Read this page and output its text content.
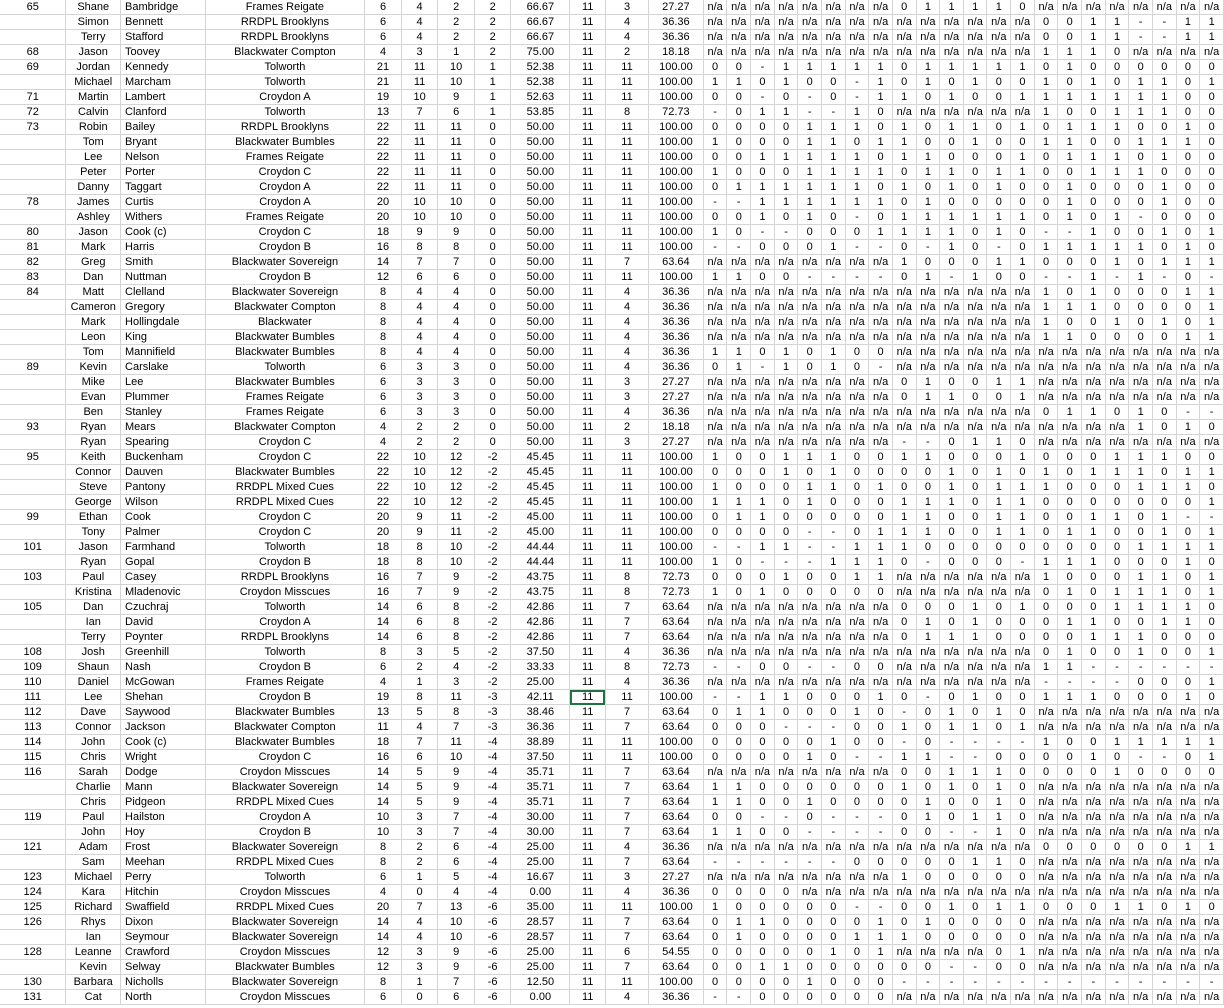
65	Shane	Bambridge	Frames Reigate	6	4	2	2	66.67	11	3	27.27	n/a	n/a	n/a	n/a	n/a	n/a	n/a	n/a	0	1	1	1	1	0	n/a	n/a	n/a	n/a	n/a	n/a	n/a	n/a
	Simon	Bennett	RRDPL Brooklyns	6	4	2	2	66.67	11	4	36.36	n/a	n/a	n/a	n/a	n/a	n/a	n/a	n/a	n/a	n/a	n/a	n/a	n/a	n/a	0	0	1	1	-	-	1	1
	Terry	Stafford	RRDPL Brooklyns	6	4	2	2	66.67	11	4	36.36	n/a	n/a	n/a	n/a	n/a	n/a	n/a	n/a	n/a	n/a	n/a	n/a	n/a	n/a	0	0	1	1	-	-	1	1
68	Jason	Toovey	Blackwater Compton	4	3	1	2	75.00	11	2	18.18	n/a	n/a	n/a	n/a	n/a	n/a	n/a	n/a	n/a	n/a	n/a	n/a	n/a	n/a	1	1	1	0	n/a	n/a	n/a	n/a
69	Jordan	Kennedy	Tolworth	21	11	10	1	52.38	11	11	100.00	0	0	-	1	1	1	1	1	0	1	1	1	1	1	0	1	0	0	0	0	0	0
	Michael	Marcham	Tolworth	21	11	10	1	52.38	11	11	100.00	1	1	0	1	0	0	-	1	0	1	0	1	0	0	1	0	1	0	1	1	0	1
71	Martin	Lambert	Croydon A	19	10	9	1	52.63	11	11	100.00	0	0	-	0	-	0	-	1	1	0	1	0	0	1	1	1	1	1	1	1	0	0
72	Calvin	Clanford	Tolworth	13	7	6	1	53.85	11	8	72.73	-	0	1	1	-	-	1	0	n/a	n/a	n/a	n/a	n/a	n/a	1	0	0	1	1	1	0	0
73	Robin	Bailey	RRDPL Brooklyns	22	11	11	0	50.00	11	11	100.00	0	0	0	0	1	1	1	0	1	0	1	1	0	1	0	1	1	1	0	0	1	0
	Tom	Bryant	Blackwater Bumbles	22	11	11	0	50.00	11	11	100.00	1	0	0	0	1	1	0	1	1	0	0	1	0	0	1	1	0	0	1	1	1	0
	Lee	Nelson	Frames Reigate	22	11	11	0	50.00	11	11	100.00	0	0	1	1	1	1	1	0	1	1	0	0	0	1	0	1	1	1	0	1	0	0
	Peter	Porter	Croydon C	22	11	11	0	50.00	11	11	100.00	1	0	0	0	1	1	1	1	0	1	1	0	1	1	0	0	1	1	1	0	0	0
	Danny	Taggart	Croydon A	22	11	11	0	50.00	11	11	100.00	0	1	1	1	1	1	1	0	1	0	1	0	1	0	0	1	0	0	0	1	0	0
78	James	Curtis	Croydon A	20	10	10	0	50.00	11	11	100.00	-	-	1	1	1	1	1	1	0	1	0	0	0	0	0	1	0	0	0	1	0	0
	Ashley	Withers	Frames Reigate	20	10	10	0	50.00	11	11	100.00	0	0	1	0	1	0	-	0	1	1	1	1	1	1	0	1	0	1	-	0	0	0
80	Jason	Cook (c)	Croydon C	18	9	9	0	50.00	11	11	100.00	1	0	-	-	0	0	0	1	1	1	1	0	1	0	-	-	1	0	0	1	0	1
81	Mark	Harris	Croydon B	16	8	8	0	50.00	11	11	100.00	-	-	0	0	0	1	-	-	0	-	1	0	-	0	1	1	1	1	1	0	1	0
82	Greg	Smith	Blackwater Sovereign	14	7	7	0	50.00	11	7	63.64	n/a	n/a	n/a	n/a	n/a	n/a	n/a	n/a	1	0	0	0	1	1	0	0	0	1	0	1	1	1
83	Dan	Nuttman	Croydon B	12	6	6	0	50.00	11	11	100.00	1	1	0	0	-	-	-	-	0	1	-	1	0	0	-	-	1	-	1	-	0	-
84	Matt	Clelland	Blackwater Sovereign	8	4	4	0	50.00	11	4	36.36	n/a	n/a	n/a	n/a	n/a	n/a	n/a	n/a	n/a	n/a	n/a	n/a	n/a	n/a	1	0	1	0	0	0	1	1
	Cameron	Gregory	Blackwater Compton	8	4	4	0	50.00	11	4	36.36	n/a	n/a	n/a	n/a	n/a	n/a	n/a	n/a	n/a	n/a	n/a	n/a	n/a	n/a	1	1	1	0	0	0	0	1
	Mark	Hollingdale	Blackwater	8	4	4	0	50.00	11	4	36.36	n/a	n/a	n/a	n/a	n/a	n/a	n/a	n/a	n/a	n/a	n/a	n/a	n/a	n/a	1	0	0	1	0	1	0	1
	Leon	King	Blackwater Bumbles	8	4	4	0	50.00	11	4	36.36	n/a	n/a	n/a	n/a	n/a	n/a	n/a	n/a	n/a	n/a	n/a	n/a	n/a	n/a	1	1	0	0	0	0	1	1
	Tom	Mannifield	Blackwater Bumbles	8	4	4	0	50.00	11	4	36.36	1	1	0	1	0	1	0	0	n/a	n/a	n/a	n/a	n/a	n/a	n/a	n/a	n/a	n/a	n/a	n/a	n/a	n/a
89	Kevin	Carslake	Tolworth	6	3	3	0	50.00	11	4	36.36	0	1	-	1	0	1	0	-	n/a	n/a	n/a	n/a	n/a	n/a	n/a	n/a	n/a	n/a	n/a	n/a	n/a	n/a
	Mike	Lee	Blackwater Bumbles	6	3	3	0	50.00	11	3	27.27	n/a	n/a	n/a	n/a	n/a	n/a	n/a	n/a	0	1	0	0	1	1	n/a	n/a	n/a	n/a	n/a	n/a	n/a	n/a
	Evan	Plummer	Frames Reigate	6	3	3	0	50.00	11	3	27.27	n/a	n/a	n/a	n/a	n/a	n/a	n/a	n/a	0	1	1	0	0	1	n/a	n/a	n/a	n/a	n/a	n/a	n/a	n/a
	Ben	Stanley	Frames Reigate	6	3	3	0	50.00	11	4	36.36	n/a	n/a	n/a	n/a	n/a	n/a	n/a	n/a	n/a	n/a	n/a	n/a	n/a	n/a	0	1	1	0	1	0	-	-
93	Ryan	Mears	Blackwater Compton	4	2	2	0	50.00	11	2	18.18	n/a	n/a	n/a	n/a	n/a	n/a	n/a	n/a	n/a	n/a	n/a	n/a	n/a	n/a	n/a	n/a	n/a	n/a	1	0	1	0
	Ryan	Spearing	Croydon C	4	2	2	0	50.00	11	3	27.27	n/a	n/a	n/a	n/a	n/a	n/a	n/a	n/a	-	-	0	1	1	0	n/a	n/a	n/a	n/a	n/a	n/a	n/a	n/a
95	Keith	Buckenham	Croydon C	22	10	12	-2	45.45	11	11	100.00	1	0	0	1	1	1	0	0	1	1	0	0	0	1	0	0	0	1	1	1	0	0
	Connor	Dauven	Blackwater Bumbles	22	10	12	-2	45.45	11	11	100.00	0	0	0	1	0	1	0	0	0	0	1	0	1	0	1	0	1	1	1	0	1	1
	Steve	Pantony	RRDPL Mixed Cues	22	10	12	-2	45.45	11	11	100.00	1	0	0	0	1	1	0	1	0	0	1	0	1	1	1	0	0	0	1	1	1	0
	George	Wilson	RRDPL Mixed Cues	22	10	12	-2	45.45	11	11	100.00	1	1	1	0	1	0	0	0	1	1	1	0	1	1	0	0	0	0	0	0	0	1
99	Ethan	Cook	Croydon C	20	9	11	-2	45.00	11	11	100.00	0	1	1	0	0	0	0	0	1	1	0	0	1	1	0	0	1	1	0	1	-	-
	Tony	Palmer	Croydon C	20	9	11	-2	45.00	11	11	100.00	0	0	0	0	-	-	0	1	1	1	0	0	1	1	0	1	1	0	0	1	0	1
101	Jason	Farmhand	Tolworth	18	8	10	-2	44.44	11	11	100.00	-	-	1	1	-	-	1	1	1	0	0	0	0	0	0	0	0	0	1	1	1	1
	Ryan	Gopal	Croydon B	18	8	10	-2	44.44	11	11	100.00	1	0	-	-	-	1	1	1	0	-	0	0	0	-	1	1	1	0	0	0	1	0
103	Paul	Casey	RRDPL Brooklyns	16	7	9	-2	43.75	11	8	72.73	0	0	0	1	0	0	1	1	n/a	n/a	n/a	n/a	n/a	n/a	1	0	0	0	1	1	0	1
	Kristina	Mladenovic	Croydon Misscues	16	7	9	-2	43.75	11	8	72.73	1	0	1	0	0	0	0	0	n/a	n/a	n/a	n/a	n/a	n/a	0	1	0	1	1	1	0	1
105	Dan	Czuchraj	Tolworth	14	6	8	-2	42.86	11	7	63.64	n/a	n/a	n/a	n/a	n/a	n/a	n/a	n/a	0	0	0	1	0	1	0	0	0	1	1	1	1	0
	Ian	David	Croydon A	14	6	8	-2	42.86	11	7	63.64	n/a	n/a	n/a	n/a	n/a	n/a	n/a	n/a	0	1	0	1	0	0	0	1	1	0	0	1	1	0
	Terry	Poynter	RRDPL Brooklyns	14	6	8	-2	42.86	11	7	63.64	n/a	n/a	n/a	n/a	n/a	n/a	n/a	n/a	0	1	1	1	0	0	0	0	1	1	1	0	0	0
108	Josh	Greenhill	Tolworth	8	3	5	-2	37.50	11	4	36.36	n/a	n/a	n/a	n/a	n/a	n/a	n/a	n/a	n/a	n/a	n/a	n/a	n/a	n/a	0	1	0	0	1	0	0	1
109	Shaun	Nash	Croydon B	6	2	4	-2	33.33	11	8	72.73	-	-	0	0	-	-	0	0	n/a	n/a	n/a	n/a	n/a	n/a	1	1	-	-	-	-	-	-
110	Daniel	McGowan	Frames Reigate	4	1	3	-2	25.00	11	4	36.36	n/a	n/a	n/a	n/a	n/a	n/a	n/a	n/a	n/a	n/a	n/a	n/a	n/a	n/a	-	-	-	-	0	0	0	1
111	Lee	Shehan	Croydon B	19	8	11	-3	42.11	11	11	100.00	-	-	1	1	0	0	0	1	0	-	0	1	0	0	1	1	1	0	0	0	1	0
112	Dave	Saywood	Blackwater Bumbles	13	5	8	-3	38.46	11	7	63.64	0	1	1	0	0	0	1	0	-	0	1	0	1	0	n/a	n/a	n/a	n/a	n/a	n/a	n/a	n/a
113	Connor	Jackson	Blackwater Compton	11	4	7	-3	36.36	11	7	63.64	0	0	0	-	-	-	0	0	1	0	1	1	0	1	n/a	n/a	n/a	n/a	n/a	n/a	n/a	n/a
114	John	Cook (c)	Blackwater Bumbles	18	7	11	-4	38.89	11	11	100.00	0	0	0	0	0	1	0	0	-	0	-	-	-	-	1	0	0	1	1	1	1	1
115	Chris	Wright	Croydon C	16	6	10	-4	37.50	11	11	100.00	0	0	0	0	1	0	-	-	1	1	-	-	0	0	0	0	1	0	-	-	0	1
116	Sarah	Dodge	Croydon Misscues	14	5	9	-4	35.71	11	7	63.64	n/a	n/a	n/a	n/a	n/a	n/a	n/a	n/a	0	0	1	1	1	0	0	0	0	1	0	0	0	0
	Charlie	Mann	Blackwater Sovereign	14	5	9	-4	35.71	11	7	63.64	1	1	0	0	0	0	0	0	1	0	1	0	1	0	n/a	n/a	n/a	n/a	n/a	n/a	n/a	n/a
	Chris	Pidgeon	RRDPL Mixed Cues	14	5	9	-4	35.71	11	7	63.64	1	1	0	0	1	0	0	0	0	1	0	0	1	0	n/a	n/a	n/a	n/a	n/a	n/a	n/a	n/a
119	Paul	Hailston	Croydon A	10	3	7	-4	30.00	11	7	63.64	0	0	-	-	0	-	-	-	0	1	0	1	1	0	n/a	n/a	n/a	n/a	n/a	n/a	n/a	n/a
	John	Hoy	Croydon B	10	3	7	-4	30.00	11	7	63.64	1	1	0	0	-	-	-	-	0	0	-	-	1	0	n/a	n/a	n/a	n/a	n/a	n/a	n/a	n/a
121	Adam	Frost	Blackwater Sovereign	8	2	6	-4	25.00	11	4	36.36	n/a	n/a	n/a	n/a	n/a	n/a	n/a	n/a	n/a	n/a	n/a	n/a	n/a	n/a	0	0	0	0	0	0	1	1
	Sam	Meehan	RRDPL Mixed Cues	8	2	6	-4	25.00	11	7	63.64	-	-	-	-	-	-	0	0	0	0	0	1	1	0	n/a	n/a	n/a	n/a	n/a	n/a	n/a	n/a
123	Michael	Perry	Tolworth	6	1	5	-4	16.67	11	3	27.27	n/a	n/a	n/a	n/a	n/a	n/a	n/a	n/a	1	0	0	0	0	0	n/a	n/a	n/a	n/a	n/a	n/a	n/a	n/a
124	Kara	Hitchin	Croydon Misscues	4	0	4	-4	0.00	11	4	36.36	0	0	0	0	n/a	n/a	n/a	n/a	n/a	n/a	n/a	n/a	n/a	n/a	n/a	n/a	n/a	n/a	n/a	n/a	n/a	n/a
125	Richard	Swaffield	RRDPL Mixed Cues	20	7	13	-6	35.00	11	11	100.00	1	0	0	0	0	0	-	-	0	0	1	0	1	1	0	0	0	1	1	0	1	0
126	Rhys	Dixon	Blackwater Sovereign	14	4	10	-6	28.57	11	7	63.64	0	1	1	0	0	0	0	1	0	1	0	0	0	0	n/a	n/a	n/a	n/a	n/a	n/a	n/a	n/a
	Ian	Seymour	Blackwater Sovereign	14	4	10	-6	28.57	11	7	63.64	0	1	0	0	0	0	1	1	1	0	0	0	0	0	n/a	n/a	n/a	n/a	n/a	n/a	n/a	n/a
128	Leanne	Crawford	Croydon Misscues	12	3	9	-6	25.00	11	6	54.55	0	0	0	0	0	1	0	1	n/a	n/a	n/a	n/a	0	1	n/a	n/a	n/a	n/a	n/a	n/a	n/a	n/a
	Kevin	Selway	Blackwater Bumbles	12	3	9	-6	25.00	11	7	63.64	0	0	1	1	0	0	0	0	0	0	-	-	0	0	n/a	n/a	n/a	n/a	n/a	n/a	n/a	n/a
130	Barbara	Nicholls	Blackwater Sovereign	8	1	7	-6	12.50	11	11	100.00	0	0	0	0	1	0	0	0	-	-	-	-	-	-	-	-	-	-	-	-	-	-
131	Cat	North	Croydon Misscues	6	0	6	-6	0.00	11	4	36.36	-	-	0	0	0	0	0	0	n/a	n/a	n/a	n/a	n/a	n/a	n/a	n/a	n/a	n/a	n/a	n/a	n/a	n/a
